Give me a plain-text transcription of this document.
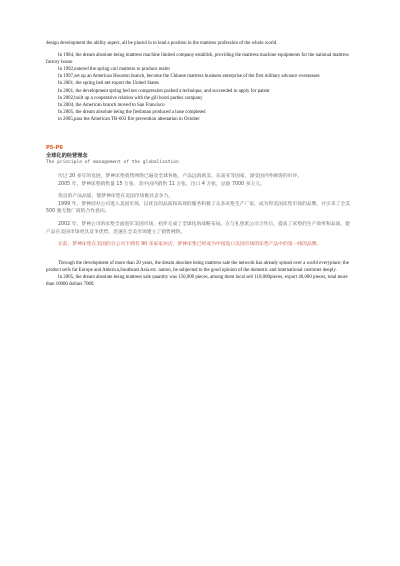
design development the ability aspect, all be placed in to lead a position in the mattress profession of the whole world.

In 1984, the dream absolute being mattress machine limited company establish, providing the mattress machine equipments for the national mattress factory house

In 1992,entered the spring coil mattress to produce realm

In 1997,set up an American Houston branch, become the Chinese mattress business enterprise of the first military advance overseases

In 2001, the spring bed net export the United States

In 2001, the development spring bed net compression packed a technique, and succeeded to apply for patent

In 2002,built up a cooperative relation with the gill booti parties company

In 2004, the American branch moved to San Francisco

In 2005, the dream absolute being the freshman produced a base completed

in 2005,pass the American TB-603 fire prevention attestation in October

P5-P6

全球化的经营理念

The principle of management of the globalization

历过 20 多年的发展，梦神床垫销售网络已遍及全球各地，产品远销欧美、东南亚等国家，深受国内外顾客的好评。

2005 年，梦神床垫销售量 15 万张，其中国内销售 11 万张，出口 4 万张，总值 7000 多万元。

优良的产品品质，使梦神床垫在美国市场极具竞争力。

1999 年，梦神创办公司进入美国市场，以优良的品质和高效的服务积极了众多床垫生产厂家，成为得美国床垫市场的品牌，并引来了全美 500 强无数厂商的合作意向。

2002 年，梦神公司的床垫全面进军美国市场，初步完成了全球化的战略布局。在与礼慈派公司合作后，提高了床垫的生产效率和品质，使产品在美国市场更具竞争优势，迅速在全美市场建立了销售网络。

在前，梦神床垫在美国的分公司下拥有 90 多家家居店，梦神床垫已经成为中国进口美国市场的床垫产品中的第一线的品牌。

Through the development of more than 20 years, the dream absolute being mattress sale the network has already spread over a world everyplace; the product sells far Europe and America,Southeast Asia etc. nation, be subjected to the good opinion of the domestic and international customer deeply.

In 2005, the dream absolute being mattress sale quantity was 150,000 pieces, among them local sell 110,000pieces, export 40,000 pieces, total more than 10000 dollars 7000.
